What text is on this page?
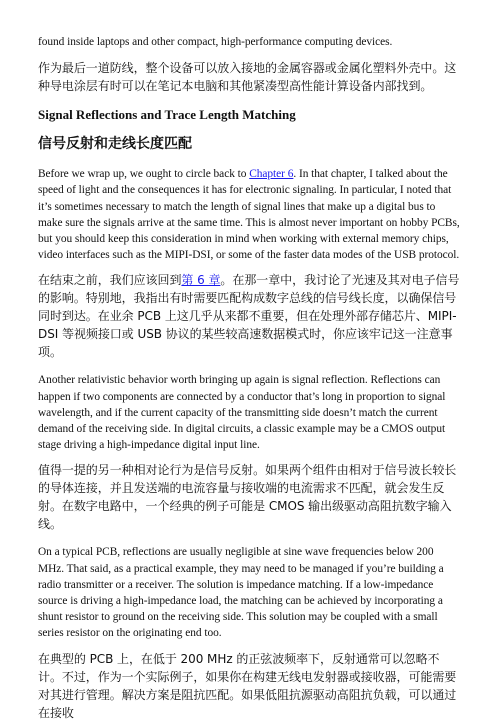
found inside laptops and other compact, high-performance computing devices.

作为最后一道防线，整个设备可以放入接地的金属容器或金属化塑料外壳中。这种导电涂层有时可以在笔记本电脑和其他紧凑型高性能计算设备内部找到。

Signal Reflections and Trace Length Matching
信号反射和走线长度匹配

Before we wrap up, we ought to circle back to Chapter 6. In that chapter, I talked about the speed of light and the consequences it has for electronic signaling. In particular, I noted that it’s sometimes necessary to match the length of signal lines that make up a digital bus to make sure the signals arrive at the same time. This is almost never important on hobby PCBs, but you should keep this consideration in mind when working with external memory chips, video interfaces such as the MIPI-DSI, or some of the faster data modes of the USB protocol.

在结束之前，我们应该回到第 6 章。在那一章中，我讨论了光速及其对电子信号的影响。特别地，我指出有时需要匹配构成数字总线的信号线长度，以确保信号同时到达。在业余 PCB 上这几乎从来都不重要，但在处理外部存储芯片、MIPI-DSI 等视频接口或 USB 协议的某些较高速数据模式时，你应该牢记这一注意事项。

Another relativistic behavior worth bringing up again is signal reflection. Reflections can happen if two components are connected by a conductor that’s long in proportion to signal wavelength, and if the current capacity of the transmitting side doesn’t match the current demand of the receiving side. In digital circuits, a classic example may be a CMOS output stage driving a high-impedance digital input line.

值得一提的另一种相对论行为是信号反射。如果两个组件由相对于信号波长较长的导体连接，并且发送端的电流容量与接收端的电流需求不匹配，就会发生反射。在数字电路中，一个经典的例子可能是 CMOS 输出级驱动高阻抗数字输入线。

On a typical PCB, reflections are usually negligible at sine wave frequencies below 200 MHz. That said, as a practical example, they may need to be managed if you’re building a radio transmitter or a receiver. The solution is impedance matching. If a low-impedance source is driving a high-impedance load, the matching can be achieved by incorporating a shunt resistor to ground on the receiving side. This solution may be coupled with a small series resistor on the originating end too.

在典型的 PCB 上，在低于 200 MHz 的正弦波频率下，反射通常可以忽略不计。不过，作为一个实际例子，如果你在构建无线电发射器或接收器，可能需要对其进行管理。解决方案是阻抗匹配。如果低阻抗源驱动高阻抗负载，可以通过在接收
